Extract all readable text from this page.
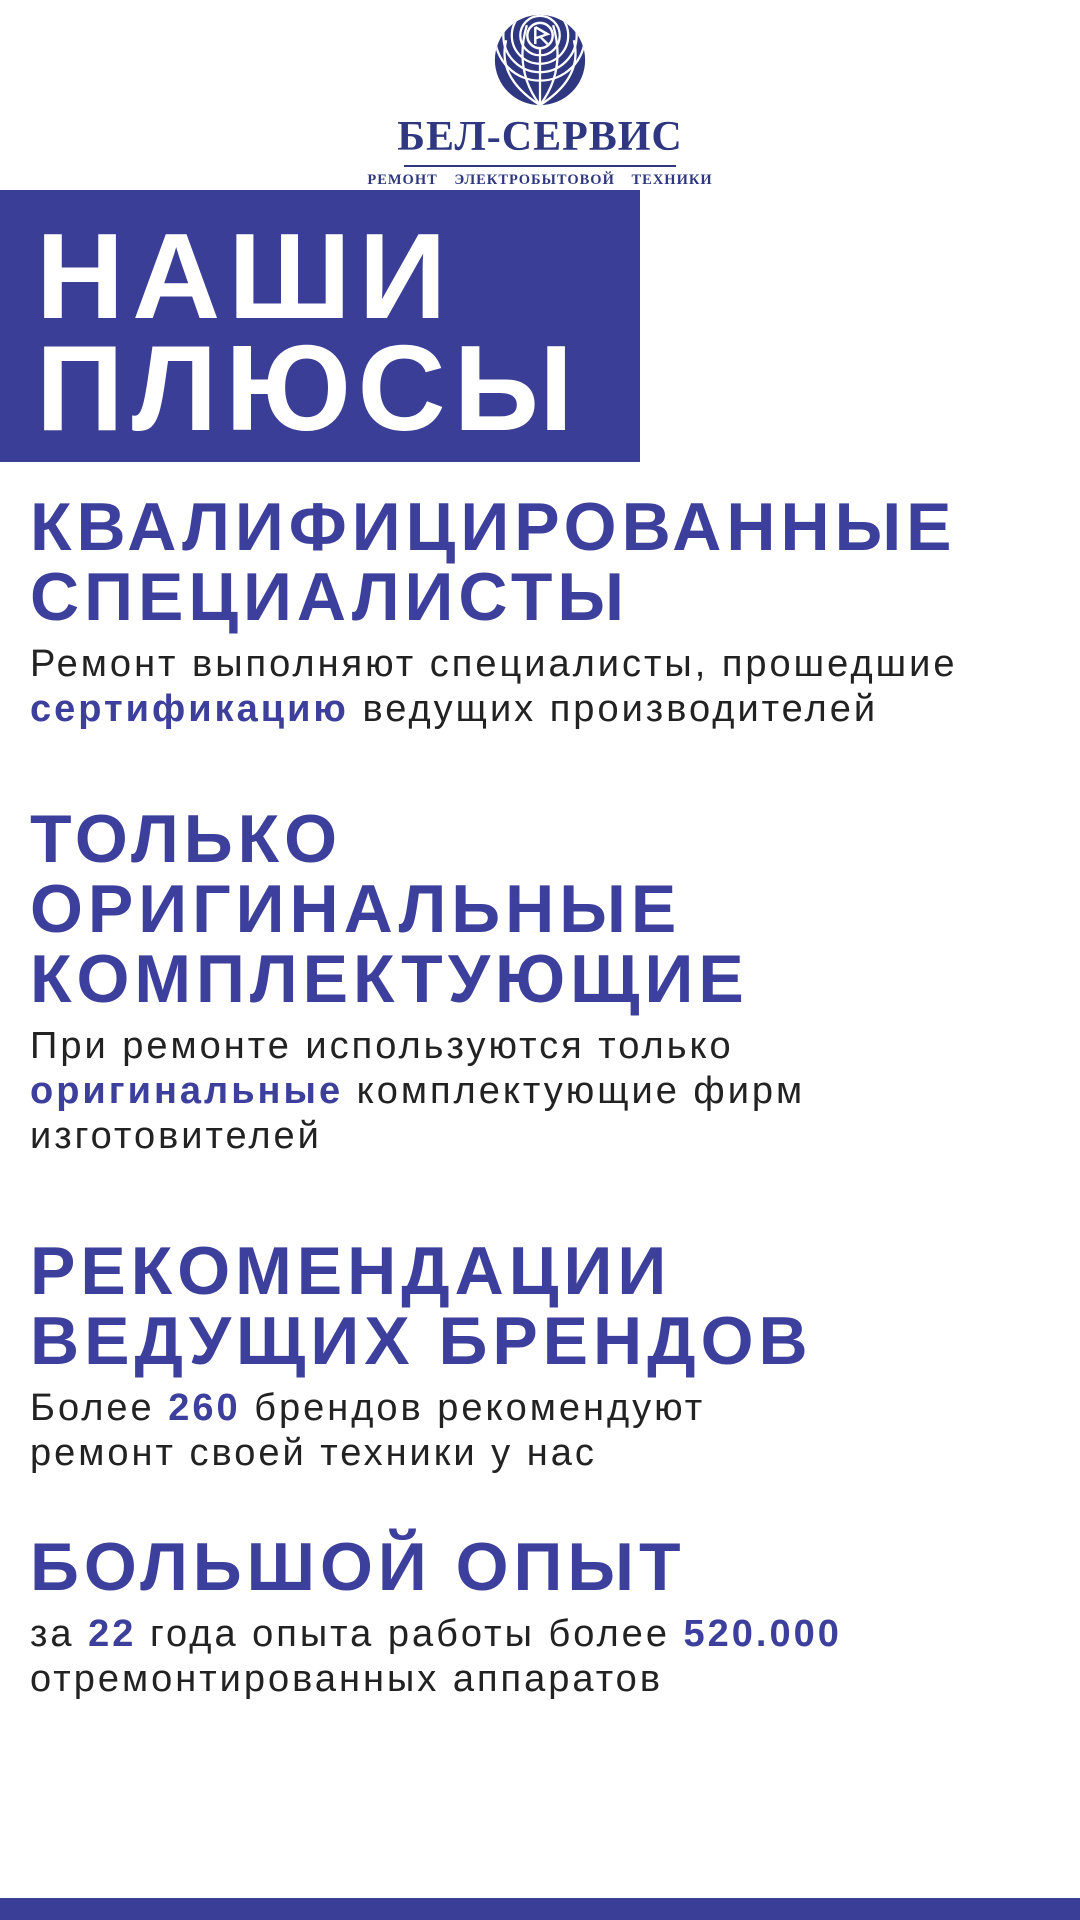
БЕЛ-СЕРВИС
РЕМОНТ ЭЛЕКТРОБЫТОВОЙ ТЕХНИКИ
НАШИ
ПЛЮСЫ
КВАЛИФИЦИРОВАННЫЕ
СПЕЦИАЛИСТЫ
Ремонт выполняют специалисты, прошедшие
сертификацию ведущих производителей
ТОЛЬКО
ОРИГИНАЛЬНЫЕ
КОМПЛЕКТУЮЩИЕ
При ремонте используются только
оригинальные комплектующие фирм
изготовителей
РЕКОМЕНДАЦИИ
ВЕДУЩИХ БРЕНДОВ
Более 260 брендов рекомендуют
ремонт своей техники у нас
БОЛЬШОЙ ОПЫТ
за 22 года опыта работы более 520.000
отремонтированных аппаратов
